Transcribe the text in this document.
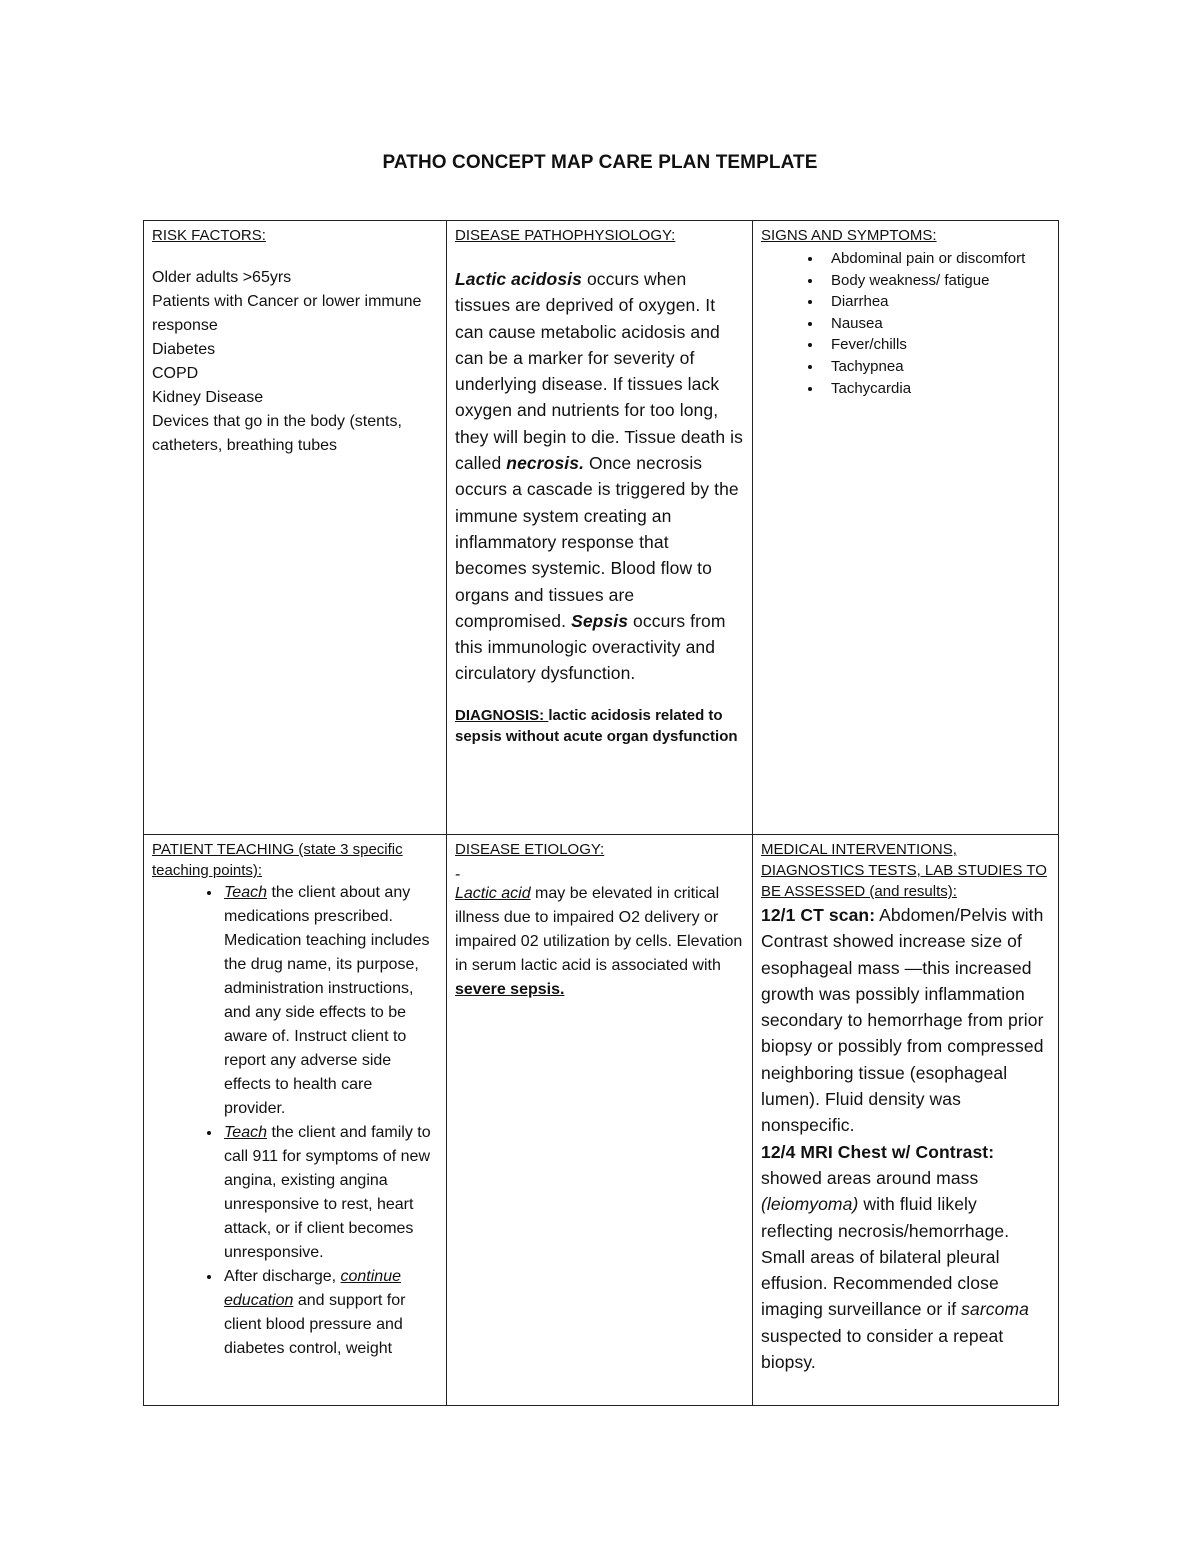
PATHO CONCEPT MAP CARE PLAN TEMPLATE
RISK FACTORS:
Older adults >65yrs
Patients with Cancer or lower immune response
Diabetes
COPD
Kidney Disease
Devices that go in the body (stents, catheters, breathing tubes
DISEASE PATHOPHYSIOLOGY:
Lactic acidosis occurs when tissues are deprived of oxygen. It can cause metabolic acidosis and can be a marker for severity of underlying disease. If tissues lack oxygen and nutrients for too long, they will begin to die. Tissue death is called necrosis. Once necrosis occurs a cascade is triggered by the immune system creating an inflammatory response that becomes systemic. Blood flow to organs and tissues are compromised. Sepsis occurs from this immunologic overactivity and circulatory dysfunction.
DIAGNOSIS: lactic acidosis related to sepsis without acute organ dysfunction
SIGNS AND SYMPTOMS:
• Abdominal pain or discomfort
• Body weakness/ fatigue
• Diarrhea
• Nausea
• Fever/chills
• Tachypnea
• Tachycardia
PATIENT TEACHING (state 3 specific teaching points):
• Teach the client about any medications prescribed. Medication teaching includes the drug name, its purpose, administration instructions, and any side effects to be aware of. Instruct client to report any adverse side effects to health care provider.
• Teach the client and family to call 911 for symptoms of new angina, existing angina unresponsive to rest, heart attack, or if client becomes unresponsive.
• After discharge, continue education and support for client blood pressure and diabetes control, weight
DISEASE ETIOLOGY:
-
Lactic acid may be elevated in critical illness due to impaired O2 delivery or impaired 02 utilization by cells. Elevation in serum lactic acid is associated with severe sepsis.
MEDICAL INTERVENTIONS, DIAGNOSTICS TESTS, LAB STUDIES TO BE ASSESSED (and results):
12/1 CT scan: Abdomen/Pelvis with Contrast showed increase size of esophageal mass —this increased growth was possibly inflammation secondary to hemorrhage from prior biopsy or possibly from compressed neighboring tissue (esophageal lumen). Fluid density was nonspecific.
12/4 MRI Chest w/ Contrast: showed areas around mass (leiomyoma) with fluid likely reflecting necrosis/hemorrhage. Small areas of bilateral pleural effusion. Recommended close imaging surveillance or if sarcoma suspected to consider a repeat biopsy.
